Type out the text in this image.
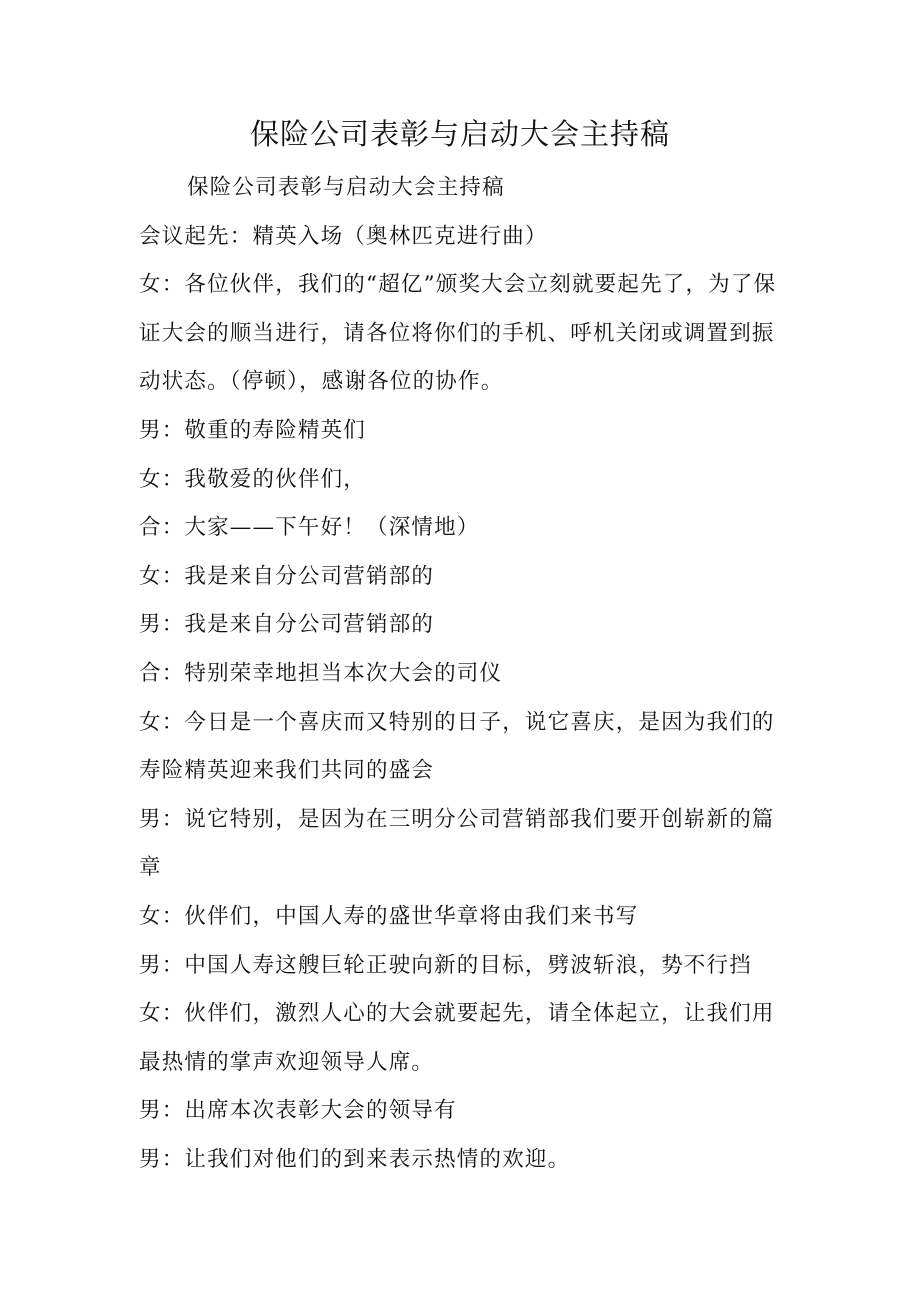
保险公司表彰与启动大会主持稿

保险公司表彰与启动大会主持稿

会议起先：精英入场（奥林匹克进行曲）

女：各位伙伴，我们的“超亿”颁奖大会立刻就要起先了，为了保证大会的顺当进行，请各位将你们的手机、呼机关闭或调置到振动状态。（停顿），感谢各位的协作。

男：敬重的寿险精英们

女：我敬爱的伙伴们，

合：大家——下午好！（深情地）

女：我是来自分公司营销部的

男：我是来自分公司营销部的

合：特别荣幸地担当本次大会的司仪

女：今日是一个喜庆而又特别的日子，说它喜庆，是因为我们的寿险精英迎来我们共同的盛会

男：说它特别，是因为在三明分公司营销部我们要开创崭新的篇章

女：伙伴们，中国人寿的盛世华章将由我们来书写

男：中国人寿这艘巨轮正驶向新的目标，劈波斩浪，势不行挡

女：伙伴们，激烈人心的大会就要起先，请全体起立，让我们用最热情的掌声欢迎领导人席。

男：出席本次表彰大会的领导有

男：让我们对他们的到来表示热情的欢迎。
